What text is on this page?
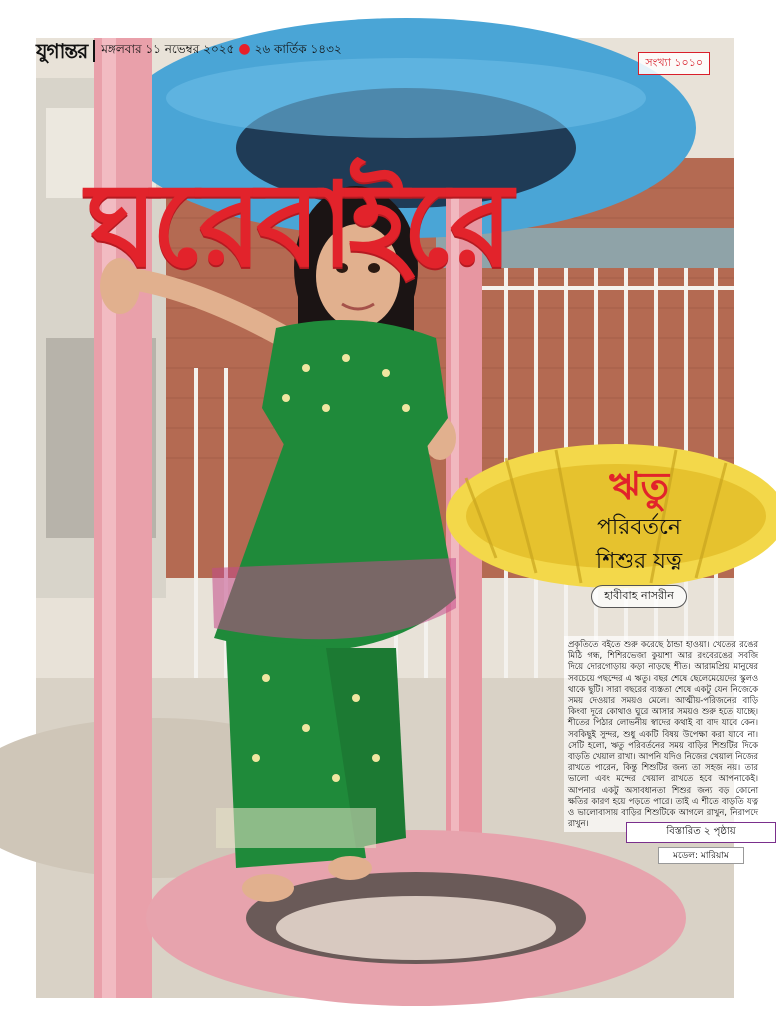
যুগান্তর	মঙ্গলবার ১১ নভেম্বর ২০২৫ ● ২৬ কার্তিক ১৪৩২
সংখ্যা ১০১০
ঘরেবাইরে
ঋতু
পরিবর্তনে
শিশুর যত্ন
হাবীবাহ নাসরীন
প্রকৃতিতে বইতে শুরু করেছে ঠান্ডা হাওয়া। খেতের রঙের মিঠি গন্ধ, শিশিরভেজা কুয়াশা আর রংবেরঙের সবজি দিয়ে দোরগোড়ায় কড়া নাড়ছে শীত। আরামপ্রিয় মানুষের সবচেয়ে পছন্দের এ ঋতু। বছর শেষে ছেলেমেয়েদের স্কুলও থাকে ছুটি। সারা বছরের ব্যস্ততা শেষে একটু যেন নিজেকে সময় দেওয়ার সময়ও মেলে। আত্মীয়-পরিজনের বাড়ি কিংবা দূরে কোথাও ঘুরে আসার সময়ও শুরু হতে যাচ্ছে। শীতের পিঠার লোভনীয় স্বাদের কথাই বা বাদ যাবে কেন। সবকিছুই সুন্দর, শুধু একটি বিষয় উপেক্ষা করা যাবে না। সেটি হলো, ঋতু পরিবর্তনের সময় বাড়ির শিশুটির দিকে বাড়তি খেয়াল রাখা। আপনি যদিও নিজের খেয়াল নিজের রাখতে পারেন, কিন্তু শিশুটির জন্য তা সহজ নয়। তার ভালো এবং মন্দের খেয়াল রাখতে হবে আপনাকেই। আপনার একটু অসাবধানতা শিশুর জন্য বড় কোনো ক্ষতির কারণ হয়ে পড়তে পারে। তাই এ শীতে বাড়তি যত্ন ও ভালোবাসায় বাড়ির শিশুটিকে আগলে রাখুন, নিরাপদে রাখুন।
বিস্তারিত ২ পৃষ্ঠায়
মডেল: মারিয়াম
